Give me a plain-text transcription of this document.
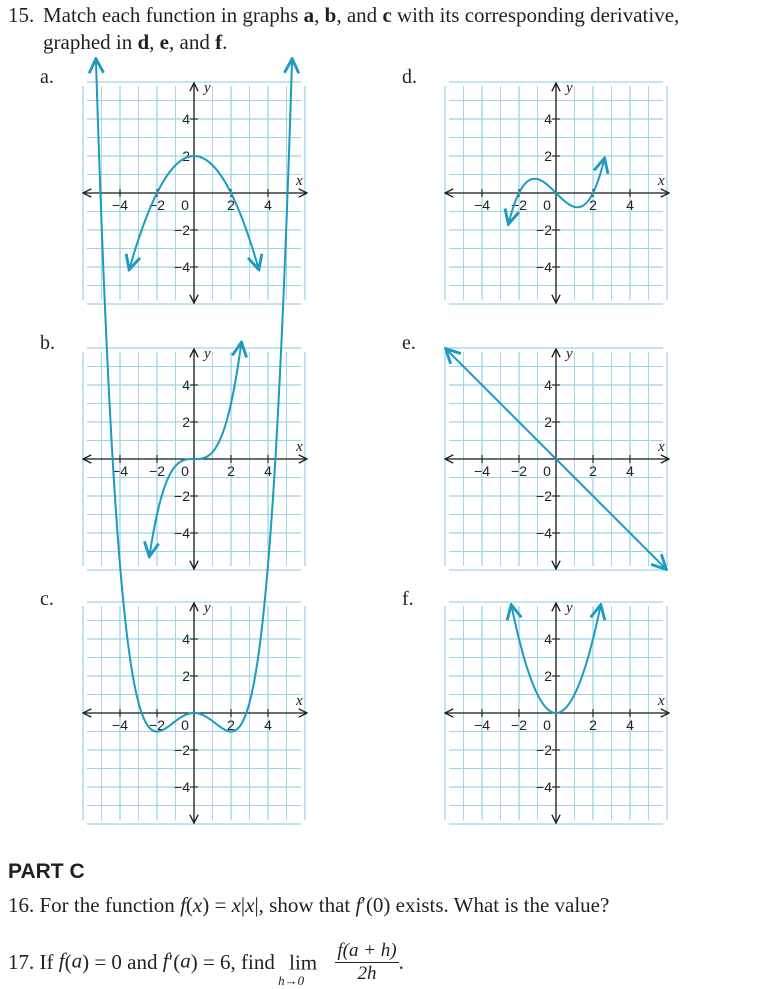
15. Match each function in graphs a, b, and c with its corresponding derivative,
graphed in d, e, and f.
a.	d.
b.	e.
c.	f.
−4 −2 0	2 4
4
2
−2
−4
x
y
−4 −2 0	2 4
4
2
−2
−4
x
y
−4 −2 0	2 4
4
2
−2
−4
x
y
−4 −2 0	2 4
4
2
−2
−4
x
y
−4 −2 0	2 4
4
2
−2
−4
x
y
−4 −2 0	2 4
4
2
−2
−4
x
y
PART C
16. For the function f(x) = x|x|, show that f′(0) exists. What is the value?
17. If f(a) = 0 and f′(a) = 6, find lim
h→0
$\frac{f(a + h)}{2h}$ .
